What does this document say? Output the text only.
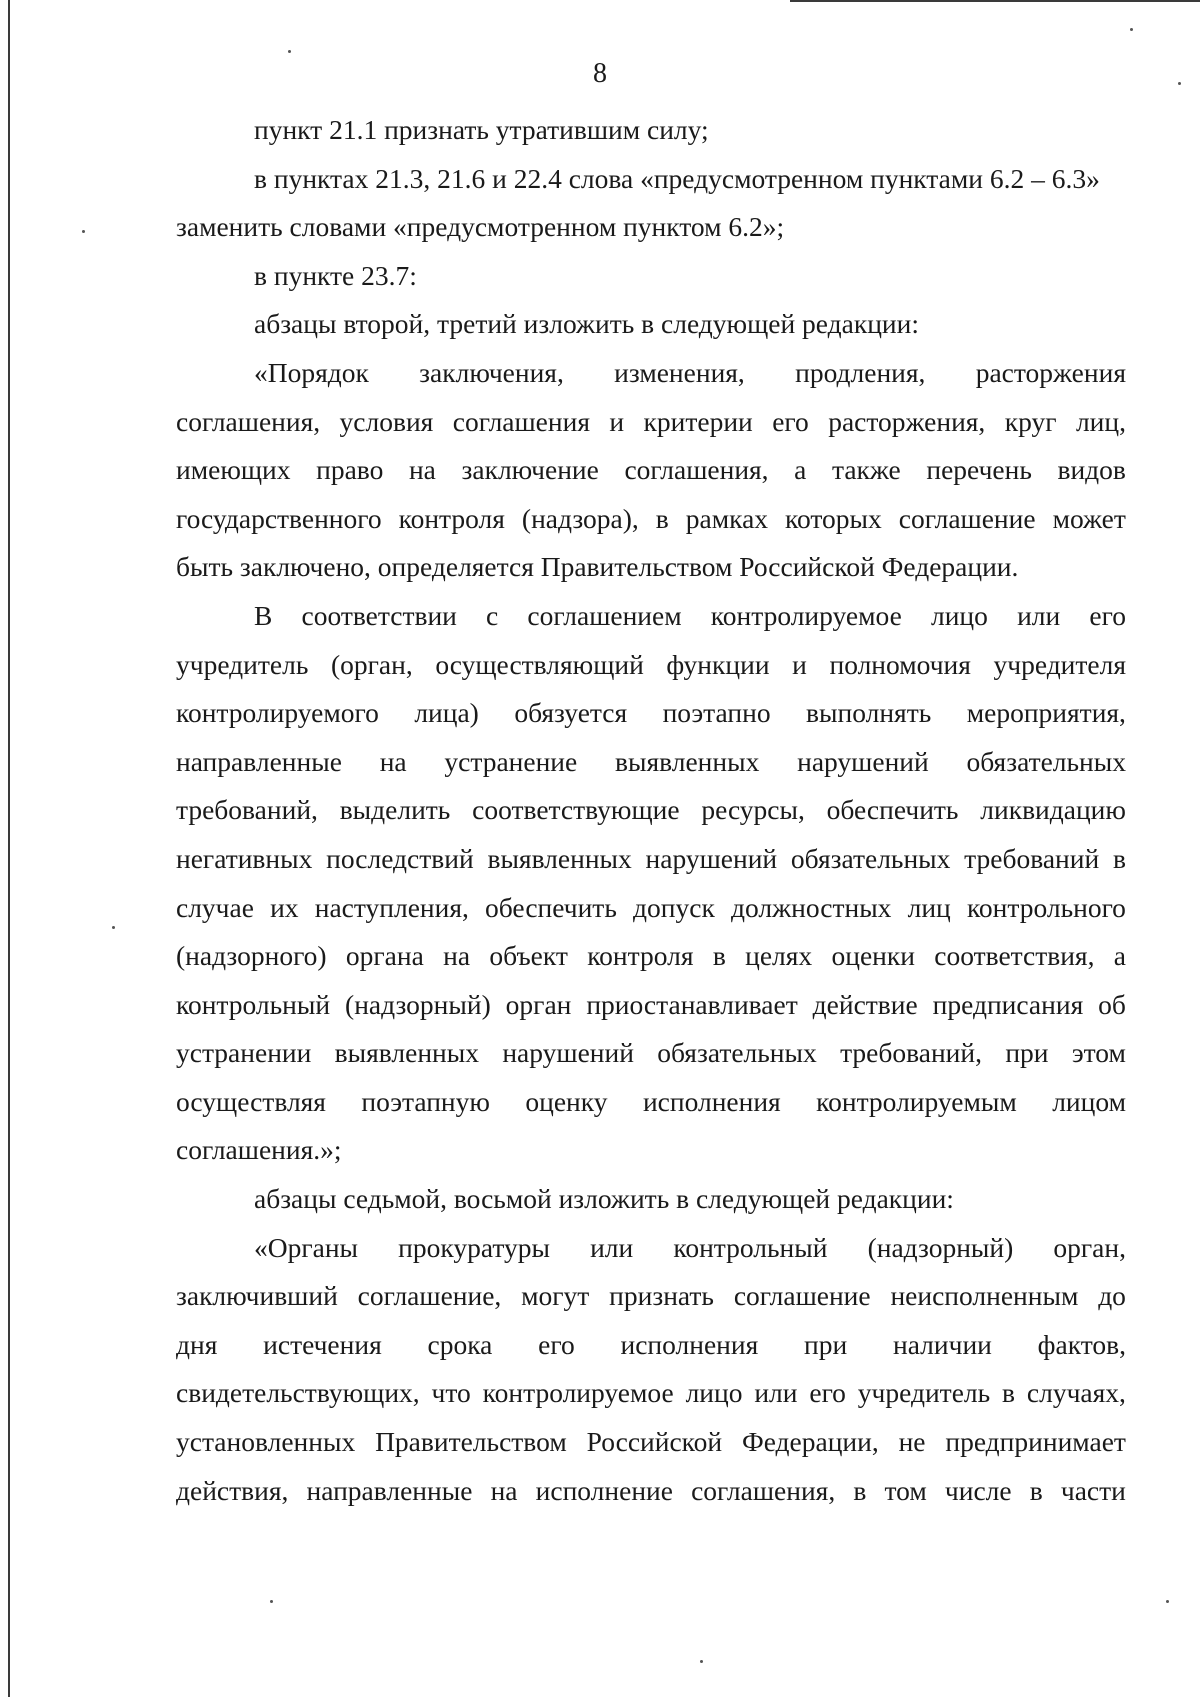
8
пункт 21.1 признать утратившим силу;
в пунктах 21.3, 21.6 и 22.4 слова «предусмотренном пунктами 6.2 – 6.3»
заменить словами «предусмотренном пунктом 6.2»;
в пункте 23.7:
абзацы второй, третий изложить в следующей редакции:
«Порядок заключения, изменения, продления, расторжения
соглашения, условия соглашения и критерии его расторжения, круг лиц,
имеющих право на заключение соглашения, а также перечень видов
государственного контроля (надзора), в рамках которых соглашение может
быть заключено, определяется Правительством Российской Федерации.
В соответствии с соглашением контролируемое лицо или его
учредитель (орган, осуществляющий функции и полномочия учредителя
контролируемого лица) обязуется поэтапно выполнять мероприятия,
направленные на устранение выявленных нарушений обязательных
требований, выделить соответствующие ресурсы, обеспечить ликвидацию
негативных последствий выявленных нарушений обязательных требований в
случае их наступления, обеспечить допуск должностных лиц контрольного
(надзорного) органа на объект контроля в целях оценки соответствия, а
контрольный (надзорный) орган приостанавливает действие предписания об
устранении выявленных нарушений обязательных требований, при этом
осуществляя поэтапную оценку исполнения контролируемым лицом
соглашения.»;
абзацы седьмой, восьмой изложить в следующей редакции:
«Органы прокуратуры или контрольный (надзорный) орган,
заключивший соглашение, могут признать соглашение неисполненным до
дня истечения срока его исполнения при наличии фактов,
свидетельствующих, что контролируемое лицо или его учредитель в случаях,
установленных Правительством Российской Федерации, не предпринимает
действия, направленные на исполнение соглашения, в том числе в части
